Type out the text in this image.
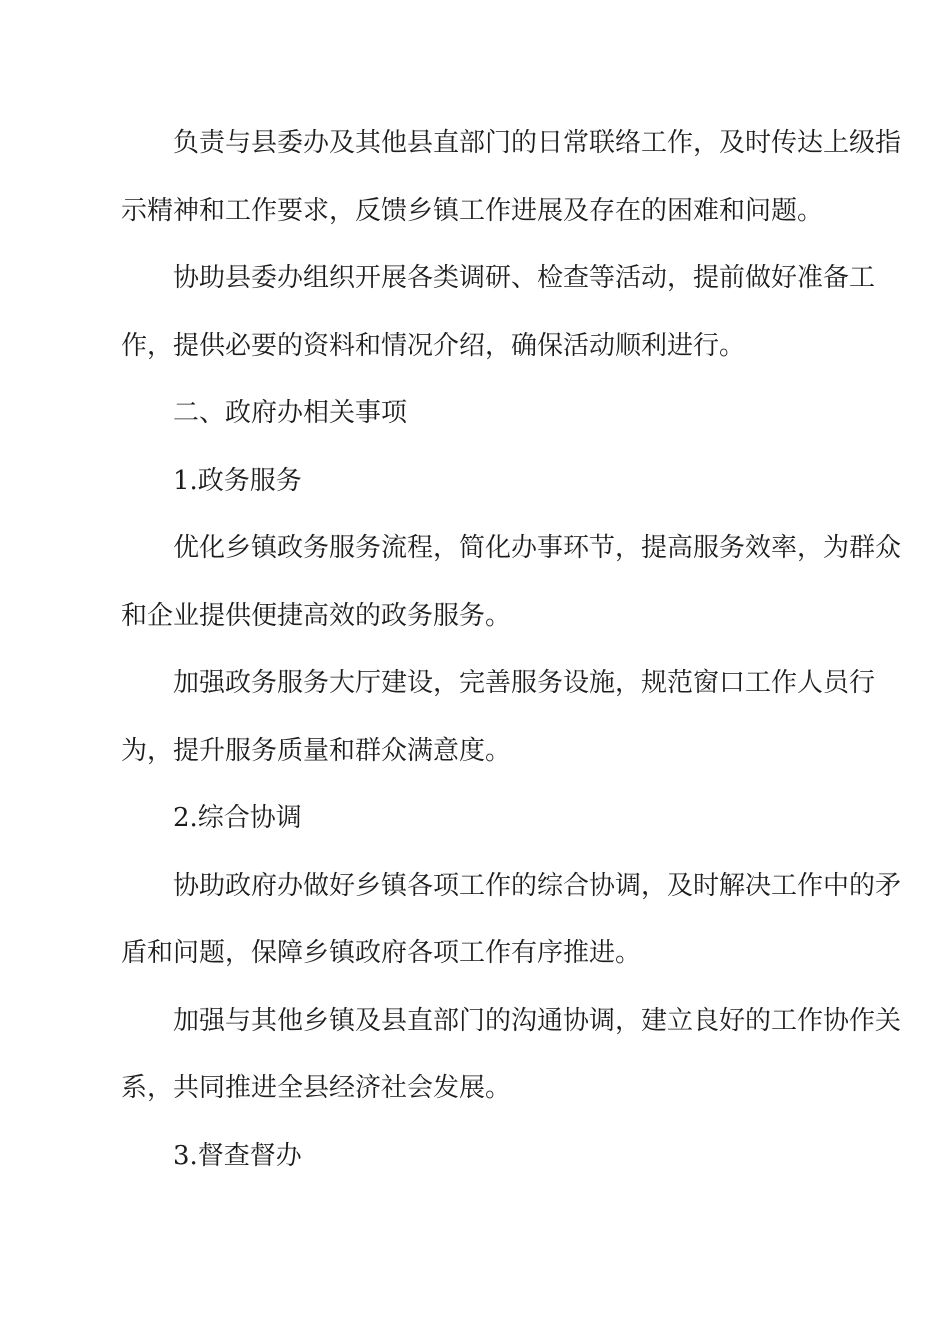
负责与县委办及其他县直部门的日常联络工作，及时传达上级指
示精神和工作要求，反馈乡镇工作进展及存在的困难和问题。
协助县委办组织开展各类调研、检查等活动，提前做好准备工
作，提供必要的资料和情况介绍，确保活动顺利进行。
二、政府办相关事项
1.政务服务
优化乡镇政务服务流程，简化办事环节，提高服务效率，为群众
和企业提供便捷高效的政务服务。
加强政务服务大厅建设，完善服务设施，规范窗口工作人员行
为，提升服务质量和群众满意度。
2.综合协调
协助政府办做好乡镇各项工作的综合协调，及时解决工作中的矛
盾和问题，保障乡镇政府各项工作有序推进。
加强与其他乡镇及县直部门的沟通协调，建立良好的工作协作关
系，共同推进全县经济社会发展。
3.督查督办
